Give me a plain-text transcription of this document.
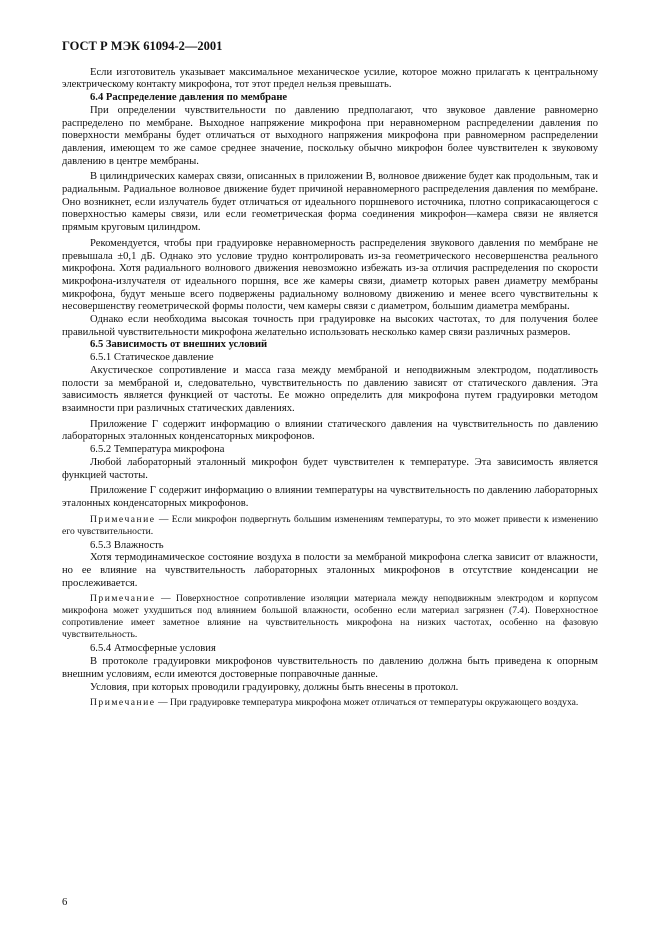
ГОСТ Р МЭК 61094-2—2001

Если изготовитель указывает максимальное механическое усилие, которое можно прилагать к центральному электрическому контакту микрофона, тот этот предел нельзя превышать.

6.4 Распределение давления по мембране

При определении чувствительности по давлению предполагают, что звуковое давление равномерно распределено по мембране. Выходное напряжение микрофона при неравномерном распределении давления по поверхности мембраны будет отличаться от выходного напряжения микрофона при равномерном распределении давления, имеющем то же самое среднее значение, поскольку обычно микрофон более чувствителен к звуковому давлению в центре мембраны.

В цилиндрических камерах связи, описанных в приложении В, волновое движение будет как продольным, так и радиальным. Радиальное волновое движение будет причиной неравномерного распределения давления по мембране. Оно возникнет, если излучатель будет отличаться от идеального поршневого источника, плотно соприкасающегося с поверхностью камеры связи, или если геометрическая форма соединения микрофон—камера связи не является прямым круговым цилиндром.

Рекомендуется, чтобы при градуировке неравномерность распределения звукового давления по мембране не превышала ±0,1 дБ. Однако это условие трудно контролировать из-за геометрического несовершенства реального микрофона. Хотя радиального волнового движения невозможно избежать из-за отличия распределения по скорости микрофона-излучателя от идеального поршня, все же камеры связи, диаметр которых равен диаметру мембраны микрофона, будут меньше всего подвержены радиальному волновому движению и менее всего чувствительны к несовершенству геометрической формы полости, чем камеры связи с диаметром, большим диаметра мембраны.

Однако если необходима высокая точность при градуировке на высоких частотах, то для получения более правильной чувствительности микрофона желательно использовать несколько камер связи различных размеров.

6.5 Зависимость от внешних условий
6.5.1 Статическое давление

Акустическое сопротивление и масса газа между мембраной и неподвижным электродом, податливость полости за мембраной и, следовательно, чувствительность по давлению зависят от статического давления. Эта зависимость является функцией от частоты. Ее можно определить для микрофона путем градуировки методом взаимности при различных статических давлениях.

Приложение Г содержит информацию о влиянии статического давления на чувствительность по давлению лабораторных эталонных конденсаторных микрофонов.

6.5.2 Температура микрофона

Любой лабораторный эталонный микрофон будет чувствителен к температуре. Эта зависимость является функцией частоты.

Приложение Г содержит информацию о влиянии температуры на чувствительность по давлению лабораторных эталонных конденсаторных микрофонов.

Примечание — Если микрофон подвергнуть большим изменениям температуры, то это может привести к изменению его чувствительности.
6.5.3 Влажность

Хотя термодинамическое состояние воздуха в полости за мембраной микрофона слегка зависит от влажности, но ее влияние на чувствительность лабораторных эталонных микрофонов в отсутствие конденсации не прослеживается.

Примечание — Поверхностное сопротивление изоляции материала между неподвижным электродом и корпусом микрофона может ухудшиться под влиянием большой влажности, особенно если материал загрязнен (7.4). Поверхностное сопротивление имеет заметное влияние на чувствительность микрофона на низких частотах, особенно на фазовую чувствительность.
6.5.4 Атмосферные условия

В протоколе градуировки микрофонов чувствительность по давлению должна быть приведена к опорным внешним условиям, если имеются достоверные поправочные данные.

Условия, при которых проводили градуировку, должны быть внесены в протокол.

Примечание — При градуировке температура микрофона может отличаться от температуры окружающего воздуха.
6
